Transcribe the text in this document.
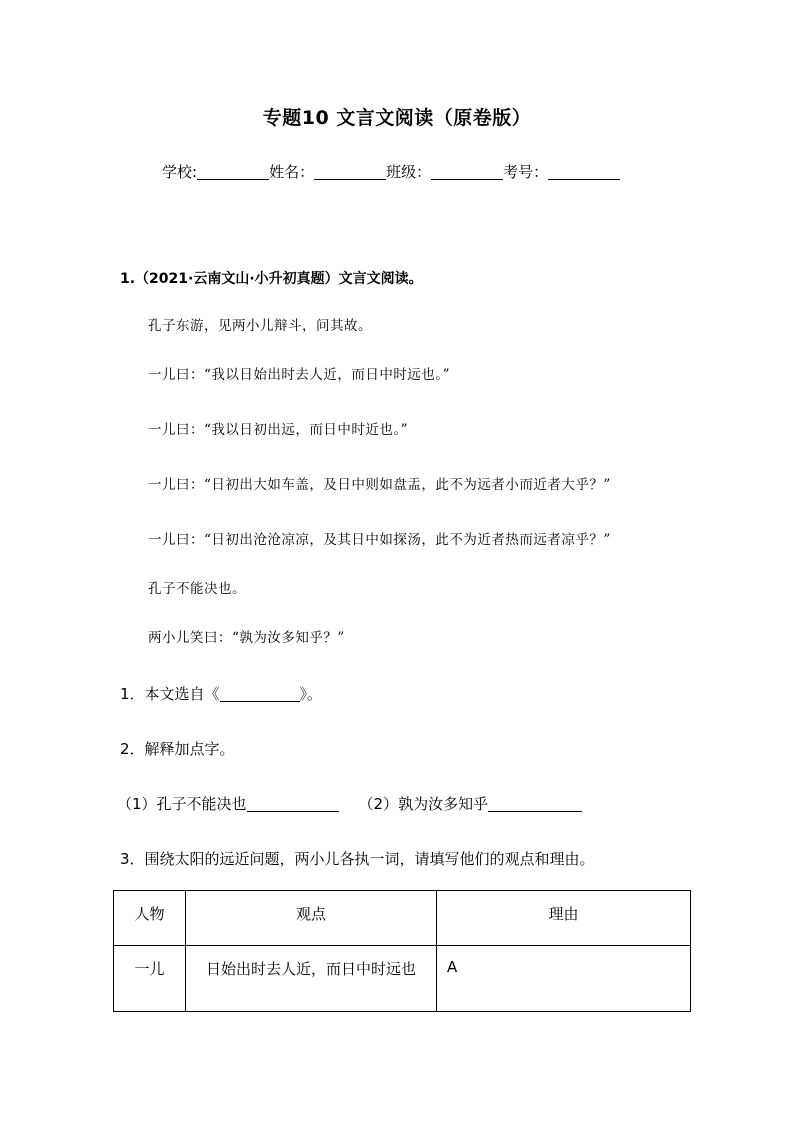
专题10 文言文阅读（原卷版）
学校:	姓名：	班级：	考号：
1.（2021·云南文山·小升初真题）文言文阅读。
孔子东游，见两小儿辩斗，问其故。
一儿曰：“我以日始出时去人近，而日中时远也。”
一儿曰：“我以日初出远，而日中时近也。”
一儿曰：“日初出大如车盖，及日中则如盘盂，此不为远者小而近者大乎？”
一儿曰：“日初出沧沧凉凉，及其日中如探汤，此不为近者热而远者凉乎？”
孔子不能决也。
两小儿笑曰：“孰为汝多知乎？”
1．本文选自《	》。
2．解释加点字。
（1）孔子不能决也	（2）孰为汝多知乎
3．围绕太阳的远近问题，两小儿各执一词，请填写他们的观点和理由。
人物	观点	理由
一儿	日始出时去人近，而日中时远也	A
